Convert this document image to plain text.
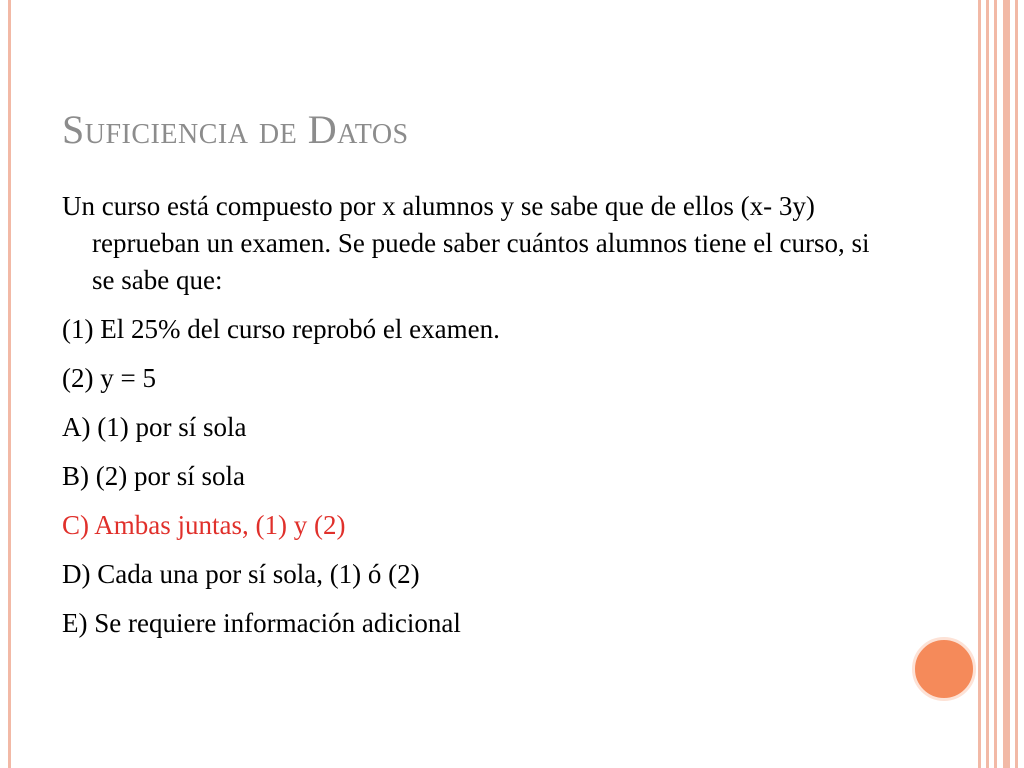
Suficiencia de Datos

Un curso está compuesto por x alumnos y se sabe que de ellos (x- 3y) reprueban un examen. Se puede saber cuántos alumnos tiene el curso, si se sabe que:

(1) El 25% del curso reprobó el examen.

(2) y = 5

A) (1) por sí sola

B) (2) por sí sola

C) Ambas juntas, (1) y (2)

D) Cada una por sí sola, (1) ó (2)

E) Se requiere información adicional
